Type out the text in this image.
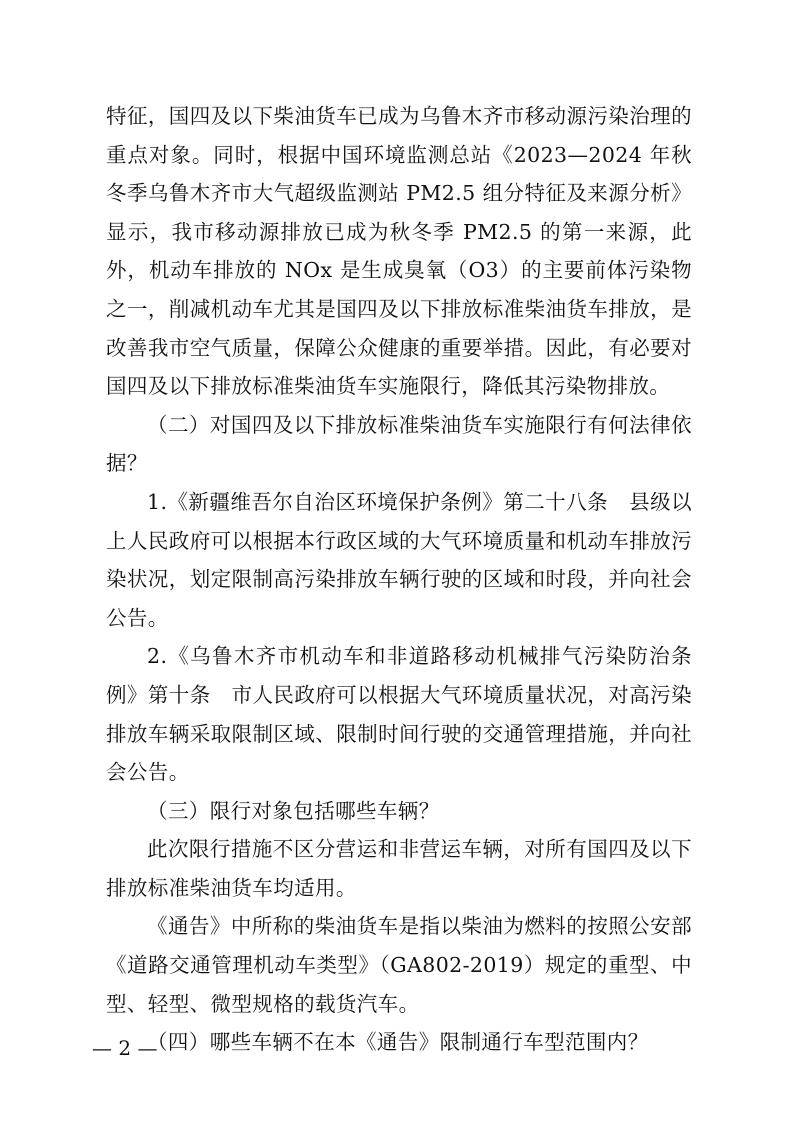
特征，国四及以下柴油货车已成为乌鲁木齐市移动源污染治理的重点对象。同时，根据中国环境监测总站《2023—2024 年秋冬季乌鲁木齐市大气超级监测站 PM2.5 组分特征及来源分析》显示，我市移动源排放已成为秋冬季 PM2.5 的第一来源，此外，机动车排放的 NOx 是生成臭氧（O3）的主要前体污染物之一，削减机动车尤其是国四及以下排放标准柴油货车排放，是改善我市空气质量，保障公众健康的重要举措。因此，有必要对国四及以下排放标准柴油货车实施限行，降低其污染物排放。

（二）对国四及以下排放标准柴油货车实施限行有何法律依据？

1.《新疆维吾尔自治区环境保护条例》第二十八条　县级以上人民政府可以根据本行政区域的大气环境质量和机动车排放污染状况，划定限制高污染排放车辆行驶的区域和时段，并向社会公告。

2.《乌鲁木齐市机动车和非道路移动机械排气污染防治条例》第十条　市人民政府可以根据大气环境质量状况，对高污染排放车辆采取限制区域、限制时间行驶的交通管理措施，并向社会公告。

（三）限行对象包括哪些车辆？

此次限行措施不区分营运和非营运车辆，对所有国四及以下排放标准柴油货车均适用。

《通告》中所称的柴油货车是指以柴油为燃料的按照公安部《道路交通管理机动车类型》（GA802-2019）规定的重型、中型、轻型、微型规格的载货汽车。

（四）哪些车辆不在本《通告》限制通行车型范围内？

— 2 —
